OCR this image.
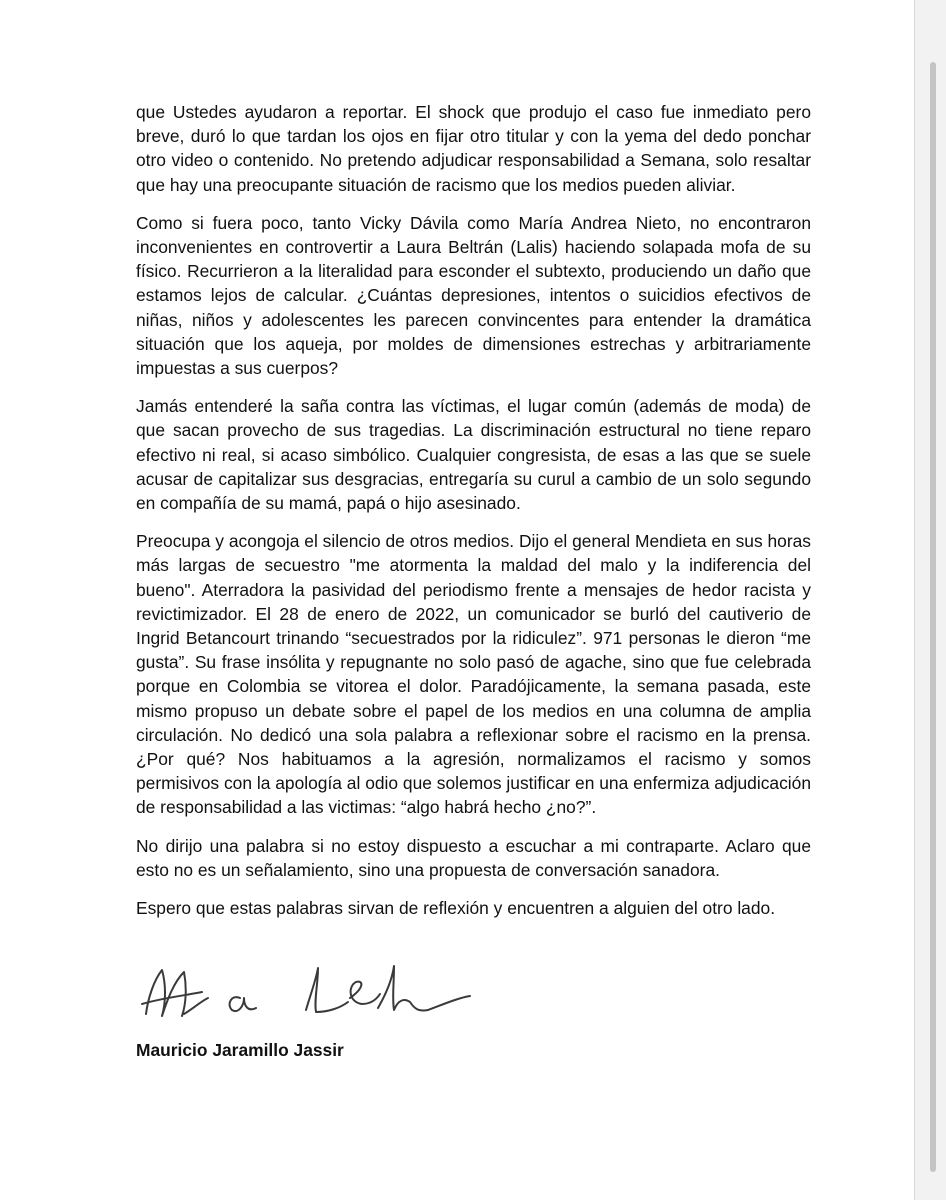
que Ustedes ayudaron a reportar. El shock que produjo el caso fue inmediato pero breve, duró lo que tardan los ojos en fijar otro titular y con la yema del dedo ponchar otro video o contenido. No pretendo adjudicar responsabilidad a Semana, solo resaltar que hay una preocupante situación de racismo que los medios pueden aliviar.

Como si fuera poco, tanto Vicky Dávila como María Andrea Nieto, no encontraron inconvenientes en controvertir a Laura Beltrán (Lalis) haciendo solapada mofa de su físico. Recurrieron a la literalidad para esconder el subtexto, produciendo un daño que estamos lejos de calcular. ¿Cuántas depresiones, intentos o suicidios efectivos de niñas, niños y adolescentes les parecen convincentes para entender la dramática situación que los aqueja, por moldes de dimensiones estrechas y arbitrariamente impuestas a sus cuerpos?

Jamás entenderé la saña contra las víctimas, el lugar común (además de moda) de que sacan provecho de sus tragedias. La discriminación estructural no tiene reparo efectivo ni real, si acaso simbólico. Cualquier congresista, de esas a las que se suele acusar de capitalizar sus desgracias, entregaría su curul a cambio de un solo segundo en compañía de su mamá, papá o hijo asesinado.

Preocupa y acongoja el silencio de otros medios. Dijo el general Mendieta en sus horas más largas de secuestro "me atormenta la maldad del malo y la indiferencia del bueno". Aterradora la pasividad del periodismo frente a mensajes de hedor racista y revictimizador. El 28 de enero de 2022, un comunicador se burló del cautiverio de Ingrid Betancourt trinando “secuestrados por la ridiculez”. 971 personas le dieron “me gusta”. Su frase insólita y repugnante no solo pasó de agache, sino que fue celebrada porque en Colombia se vitorea el dolor. Paradójicamente, la semana pasada, este mismo propuso un debate sobre el papel de los medios en una columna de amplia circulación. No dedicó una sola palabra a reflexionar sobre el racismo en la prensa. ¿Por qué? Nos habituamos a la agresión, normalizamos el racismo y somos permisivos con la apología al odio que solemos justificar en una enfermiza adjudicación de responsabilidad a las victimas: “algo habrá hecho ¿no?”.

No dirijo una palabra si no estoy dispuesto a escuchar a mi contraparte. Aclaro que esto no es un señalamiento, sino una propuesta de conversación sanadora.

Espero que estas palabras sirvan de reflexión y encuentren a alguien del otro lado.

Mauricio Jaramillo Jassir
